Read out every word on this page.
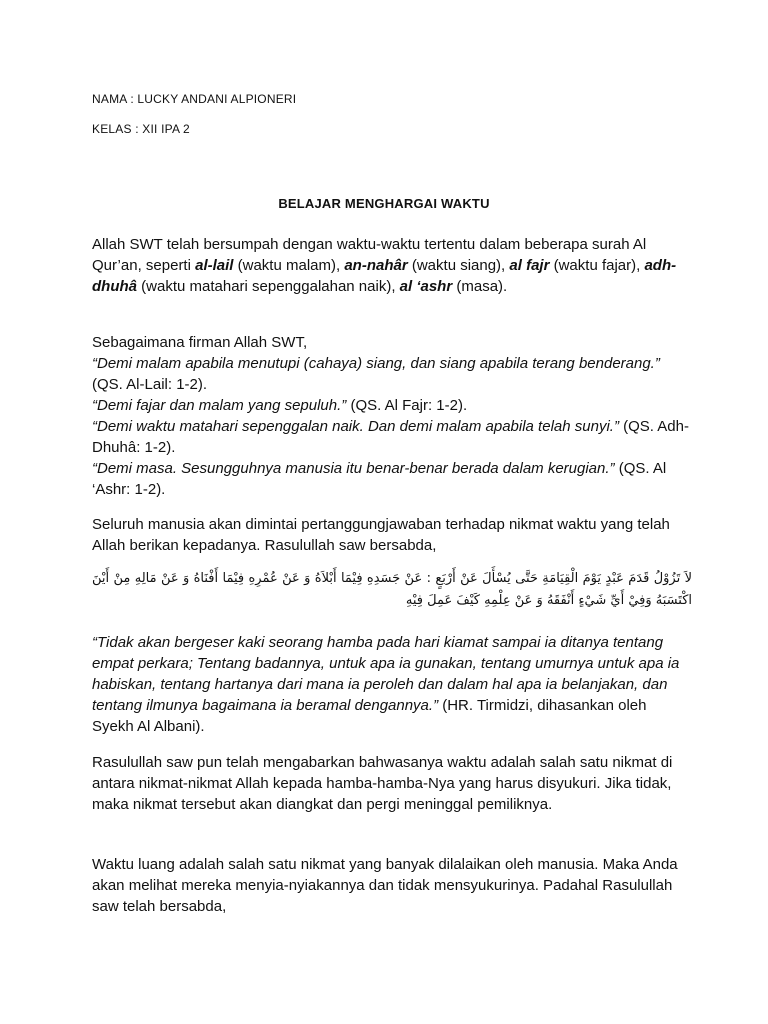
NAMA : LUCKY ANDANI ALPIONERI
KELAS : XII IPA 2
BELAJAR MENGHARGAI WAKTU
Allah SWT telah bersumpah dengan waktu-waktu tertentu dalam beberapa surah Al Qur’an, seperti al-lail (waktu malam), an-nahâr (waktu siang), al fajr (waktu fajar), adh-dhuhâ (waktu matahari sepenggalahan naik), al ‘ashr (masa).

Sebagaimana firman Allah SWT,

“Demi malam apabila menutupi (cahaya) siang, dan siang apabila terang benderang.” (QS. Al-Lail: 1-2).

“Demi fajar dan malam yang sepuluh.” (QS. Al Fajr: 1-2).

“Demi waktu matahari sepenggalan naik. Dan demi malam apabila telah sunyi.” (QS. Adh-Dhuhâ: 1-2).

“Demi masa. Sesungguhnya manusia itu benar-benar berada dalam kerugian.” (QS. Al ‘Ashr: 1-2).

Seluruh manusia akan dimintai pertanggungjawaban terhadap nikmat waktu yang telah Allah berikan kepadanya. Rasulullah saw bersabda,
لاَ تَزُوْلُ قَدَمَ عَبْدٍ يَوْمَ الْقِيَامَةِ حَتَّى يُسْأَلَ عَنْ أَرْبَعٍ : عَنْ جَسَدِهِ فِيْمَا أَبْلاَهُ وَ عَنْ عُمْرِهِ فِيْمَا أَفْنَاهُ وَ عَنْ مَالِهِ مِنْ أَيْنَ اكْتَسَبَهُ وَفِيْ أَيِّ شَيْءٍ أَنْفَقَهُ وَ عَنْ عِلْمِهِ كَيْفَ عَمِلَ فِيْهِ
“Tidak akan bergeser kaki seorang hamba pada hari kiamat sampai ia ditanya tentang empat perkara; Tentang badannya, untuk apa ia gunakan, tentang umurnya untuk apa ia habiskan, tentang hartanya dari mana ia peroleh dan dalam hal apa ia belanjakan, dan tentang ilmunya bagaimana ia beramal dengannya.” (HR. Tirmidzi, dihasankan oleh Syekh Al Albani).
Rasulullah saw pun telah mengabarkan bahwasanya waktu adalah salah satu nikmat di antara nikmat-nikmat Allah kepada hamba-hamba-Nya yang harus disyukuri. Jika tidak, maka nikmat tersebut akan diangkat dan pergi meninggal pemiliknya.
Waktu luang adalah salah satu nikmat yang banyak dilalaikan oleh manusia. Maka Anda akan melihat mereka menyia-nyiakannya dan tidak mensyukurinya. Padahal Rasulullah saw telah bersabda,
